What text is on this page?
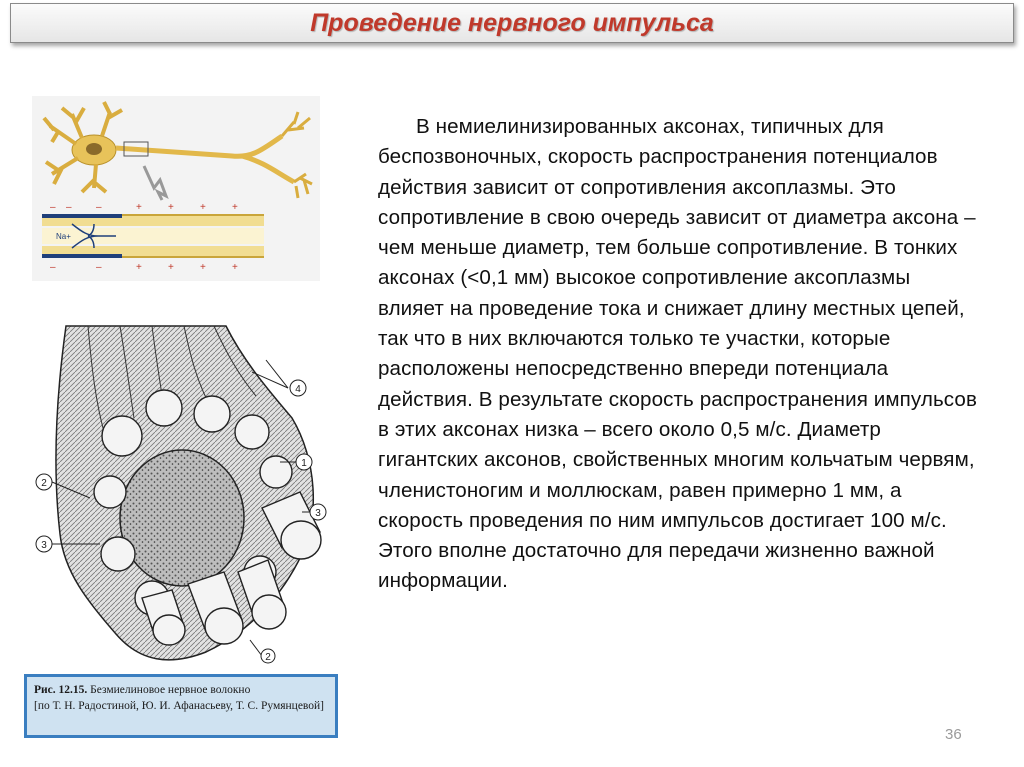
Проведение нервного импульса
Na+
– – –	+	+	+	+
–	–	+	+	+	+
4
1
2
3
3
2
Рис. 12.15. Безмиелиновое нервное волокно
[по Т. Н. Радостиной, Ю. И. Афанасьеву, Т. С. Румянцевой]

В немиелинизированных аксонах, типичных для беспозвоночных, скорость распространения потенциалов действия зависит от сопротивления аксоплазмы. Это сопротивление в свою очередь зависит от диаметра аксона – чем меньше диаметр, тем больше сопротивление. В тонких аксонах (<0,1 мм) высокое сопротивление аксоплазмы влияет на проведение тока и снижает длину местных цепей, так что в них включаются только те участки, которые расположены непосредственно впереди потенциала действия. В результате скорость распространения импульсов в этих аксонах низка – всего около 0,5 м/с. Диаметр гигантских аксонов, свойственных многим кольчатым червям, членистоногим и моллюскам, равен примерно 1 мм, а скорость проведения по ним импульсов достигает 100 м/с. Этого вполне достаточно для передачи жизненно важной информации.

36
